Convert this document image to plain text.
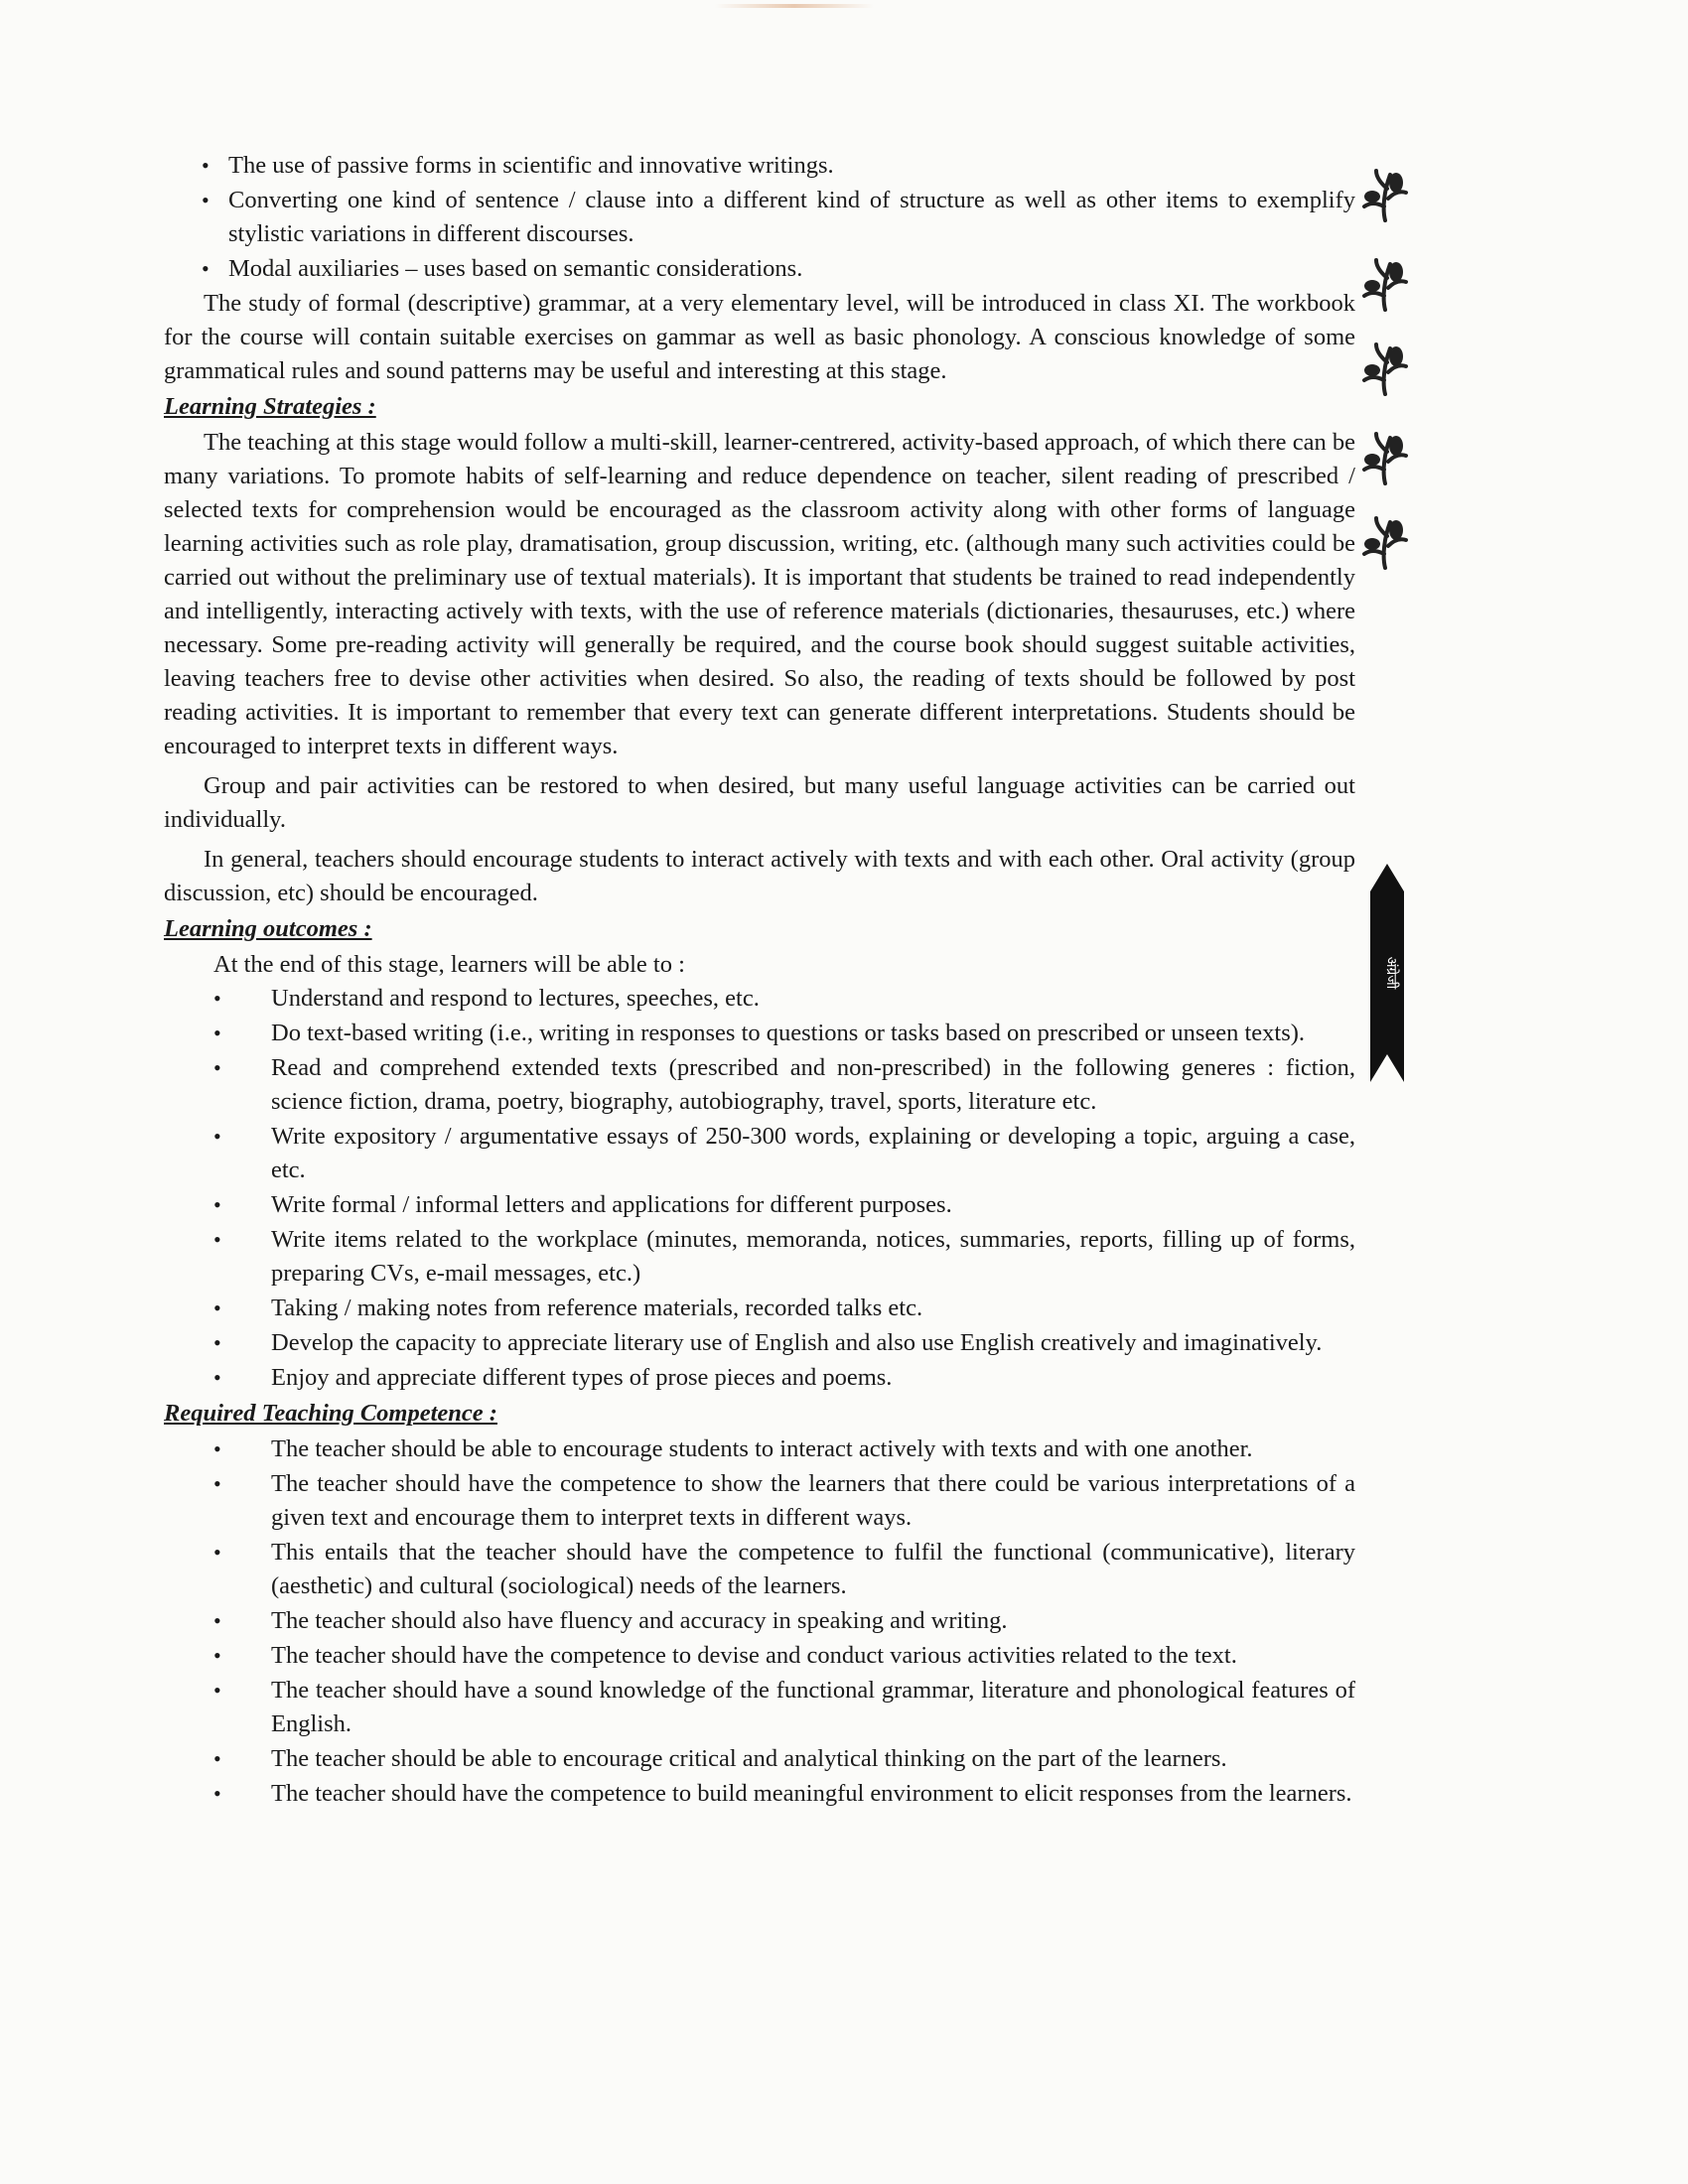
अंग्रेजी
• The use of passive forms in scientific and innovative writings.
• Converting one kind of sentence / clause into a different kind of structure as well as other items to exemplify stylistic variations in different discourses.
• Modal auxiliaries – uses based on semantic considerations.

The study of formal (descriptive) grammar, at a very elementary level, will be introduced in class XI. The workbook for the course will contain suitable exercises on gammar as well as basic phonology. A conscious knowledge of some grammatical rules and sound patterns may be useful and interesting at this stage.

Learning Strategies :

The teaching at this stage would follow a multi-skill, learner-centrered, activity-based approach, of which there can be many variations. To promote habits of self-learning and reduce dependence on teacher, silent reading of prescribed / selected texts for comprehension would be encouraged as the classroom activity along with other forms of language learning activities such as role play, dramatisation, group discussion, writing, etc. (although many such activities could be carried out without the preliminary use of textual materials). It is important that students be trained to read independently and intelligently, interacting actively with texts, with the use of reference materials (dictionaries, thesauruses, etc.) where necessary. Some pre-reading activity will generally be required, and the course book should suggest suitable activities, leaving teachers free to devise other activities when desired. So also, the reading of texts should be followed by post reading activities. It is important to remember that every text can generate different interpretations. Students should be encouraged to interpret texts in different ways.

Group and pair activities can be restored to when desired, but many useful language activities can be carried out individually.

In general, teachers should encourage students to interact actively with texts and with each other. Oral activity (group discussion, etc) should be encouraged.

Learning outcomes :

At the end of this stage, learners will be able to :

• Understand and respond to lectures, speeches, etc.
• Do text-based writing (i.e., writing in responses to questions or tasks based on prescribed or unseen texts).
• Read and comprehend extended texts (prescribed and non-prescribed) in the following generes : fiction, science fiction, drama, poetry, biography, autobiography, travel, sports, literature etc.
• Write expository / argumentative essays of 250-300 words, explaining or developing a topic, arguing a case, etc.
• Write formal / informal letters and applications for different purposes.
• Write items related to the workplace (minutes, memoranda, notices, summaries, reports, filling up of forms, preparing CVs, e-mail messages, etc.)
• Taking / making notes from reference materials, recorded talks etc.
• Develop the capacity to appreciate literary use of English and also use English creatively and imaginatively.
• Enjoy and appreciate different types of prose pieces and poems.
Required Teaching Competence :
• The teacher should be able to encourage students to interact actively with texts and with one another.
• The teacher should have the competence to show the learners that there could be various interpretations of a given text and encourage them to interpret texts in different ways.
• This entails that the teacher should have the competence to fulfil the functional (communicative), literary (aesthetic) and cultural (sociological) needs of the learners.
• The teacher should also have fluency and accuracy in speaking and writing.
• The teacher should have the competence to devise and conduct various activities related to the text.
• The teacher should have a sound knowledge of the functional grammar, literature and phonological features of English.
• The teacher should be able to encourage critical and analytical thinking on the part of the learners.
• The teacher should have the competence to build meaningful environment to elicit responses from the learners.
